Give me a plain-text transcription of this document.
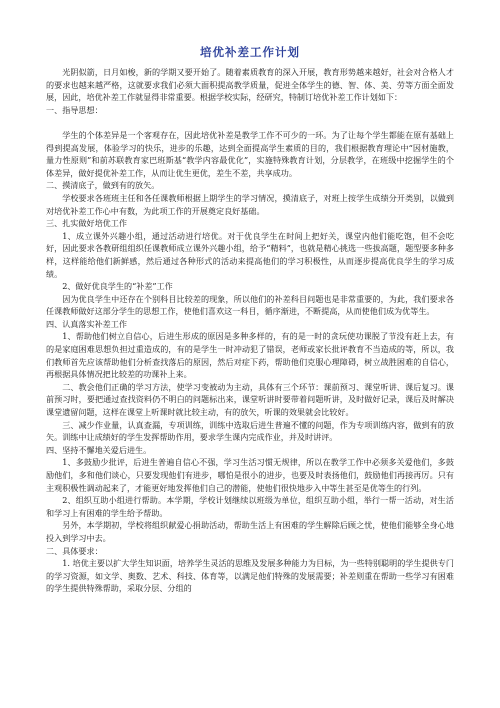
培优补差工作计划

光阴似箭，日月如梭，新的学期又要开始了。随着素质教育的深入开展，教育形势越来越好，社会对合格人才的要求也越来越严格，这就要求我们必须大面积提高教学质量，促进全体学生的德、智、体、美、劳等方面全面发展，因此，培优补差工作就显得非常重要。根据学校实际，经研究，特制订培优补差工作计划如下：

一、指导思想：

学生的个体差异是一个客观存在，因此培优补差是教学工作不可少的一环。为了让每个学生都能在原有基础上得到提高发展，体验学习的快乐，进步的乐趣，达到全面提高学生素质的目的，我们根据教育理论中“因材施教，量力性原则”和前苏联教育家巴班斯基“教学内容最优化”，实施特殊教育计划，分层教学，在班级中挖掘学生的个体差异，做好提优补差工作，从而让优生更优，差生不差，共享成功。

二、摸清底子，做到有的放矢。

学校要求各班班主任和各任课教师根据上期学生的学习情况，摸清底子，对班上按学生成绩分开类别，以做到对培优补差工作心中有数，为此项工作的开展奠定良好基础。

三、扎实做好培优工作

1、成立课外兴趣小组，通过活动进行培优。对于优良学生在时间上把好关，课堂内他们能吃饱，但不会吃好，因此要求各教研组组织任课教师成立课外兴趣小组，给予“精料”，也就是精心挑选一些拔高题，题型要多种多样，这样能给他们新鲜感，然后通过各种形式的活动来提高他们的学习积极性，从而逐步提高优良学生的学习成绩。

2、做好优良学生的“补差”工作

因为优良学生中还存在个别科目比较差的现象，所以他们的补差科目问题也是非常重要的，为此，我们要求各任课教师做好这部分学生的思想工作，使他们喜欢这一科目，循序渐进，不断提高，从而使他们成为优等生。

四、认真落实补差工作

1、帮助他们树立自信心，后进生形成的原因是多种多样的，有的是一时的贪玩使功课脱了节没有赶上去，有的是家庭困难思想负担过重造成的，有的是学生一时冲动犯了错误，老师或家长批评教育不当造成的等，所以，我们教师首先应该帮助他们分析查找落后的原因，然后对症下药，帮助他们克服心理障碍，树立战胜困难的自信心，再根据具体情况把比较差的功课补上来。

二、教会他们正确的学习方法，使学习变被动为主动，具体有三个环节：课前预习、课堂听讲、课后复习。课前预习时，要把通过查找资料仍不明白的问题标出来，课堂听讲时要带着问题听讲，及时做好记录，课后及时解决课堂遗留问题，这样在课堂上听课时就比较主动，有的放矢，听课的效果就会比较好。

三、减少作业量，认真查漏，专项训练，训练中选取后进生普遍不懂的问题，作为专项训练内容，做到有的放矢。训练中让成绩好的学生发挥帮助作用，要求学生课内完成作业，并及时讲评。

四、坚持不懈地关爱后进生。

1、多鼓励少批评，后进生普遍自信心不强，学习生活习惯无规律，所以在教学工作中必须多关爱他们，多鼓励他们，多和他们谈心，只要发现他们有进步，哪怕是很小的进步，也要及时表扬他们，鼓励他们再接再厉。只有主观积极性调动起来了，才能更好地发挥他们自己的潜能，使他们很快地步入中等生甚至是优等生的行列。

2、组织互助小组进行帮助。本学期，学校计划继续以班级为单位，组织互助小组，举行一帮一活动，对生活和学习上有困难的学生给予帮助。

另外，本学期初，学校将组织献爱心捐助活动，帮助生活上有困难的学生解除后顾之忧，使他们能够全身心地投入到学习中去。

二、具体要求：

1. 培优主要以扩大学生知识面，培养学生灵活的思维及发展多种能力为目标，为一些特别聪明的学生提供专门的学习资源，如文学、奥数、艺术、科技、体育等，以满足他们特殊的发展需要；补差则重在帮助一些学习有困难的学生提供特殊帮助，采取分层、分组的
